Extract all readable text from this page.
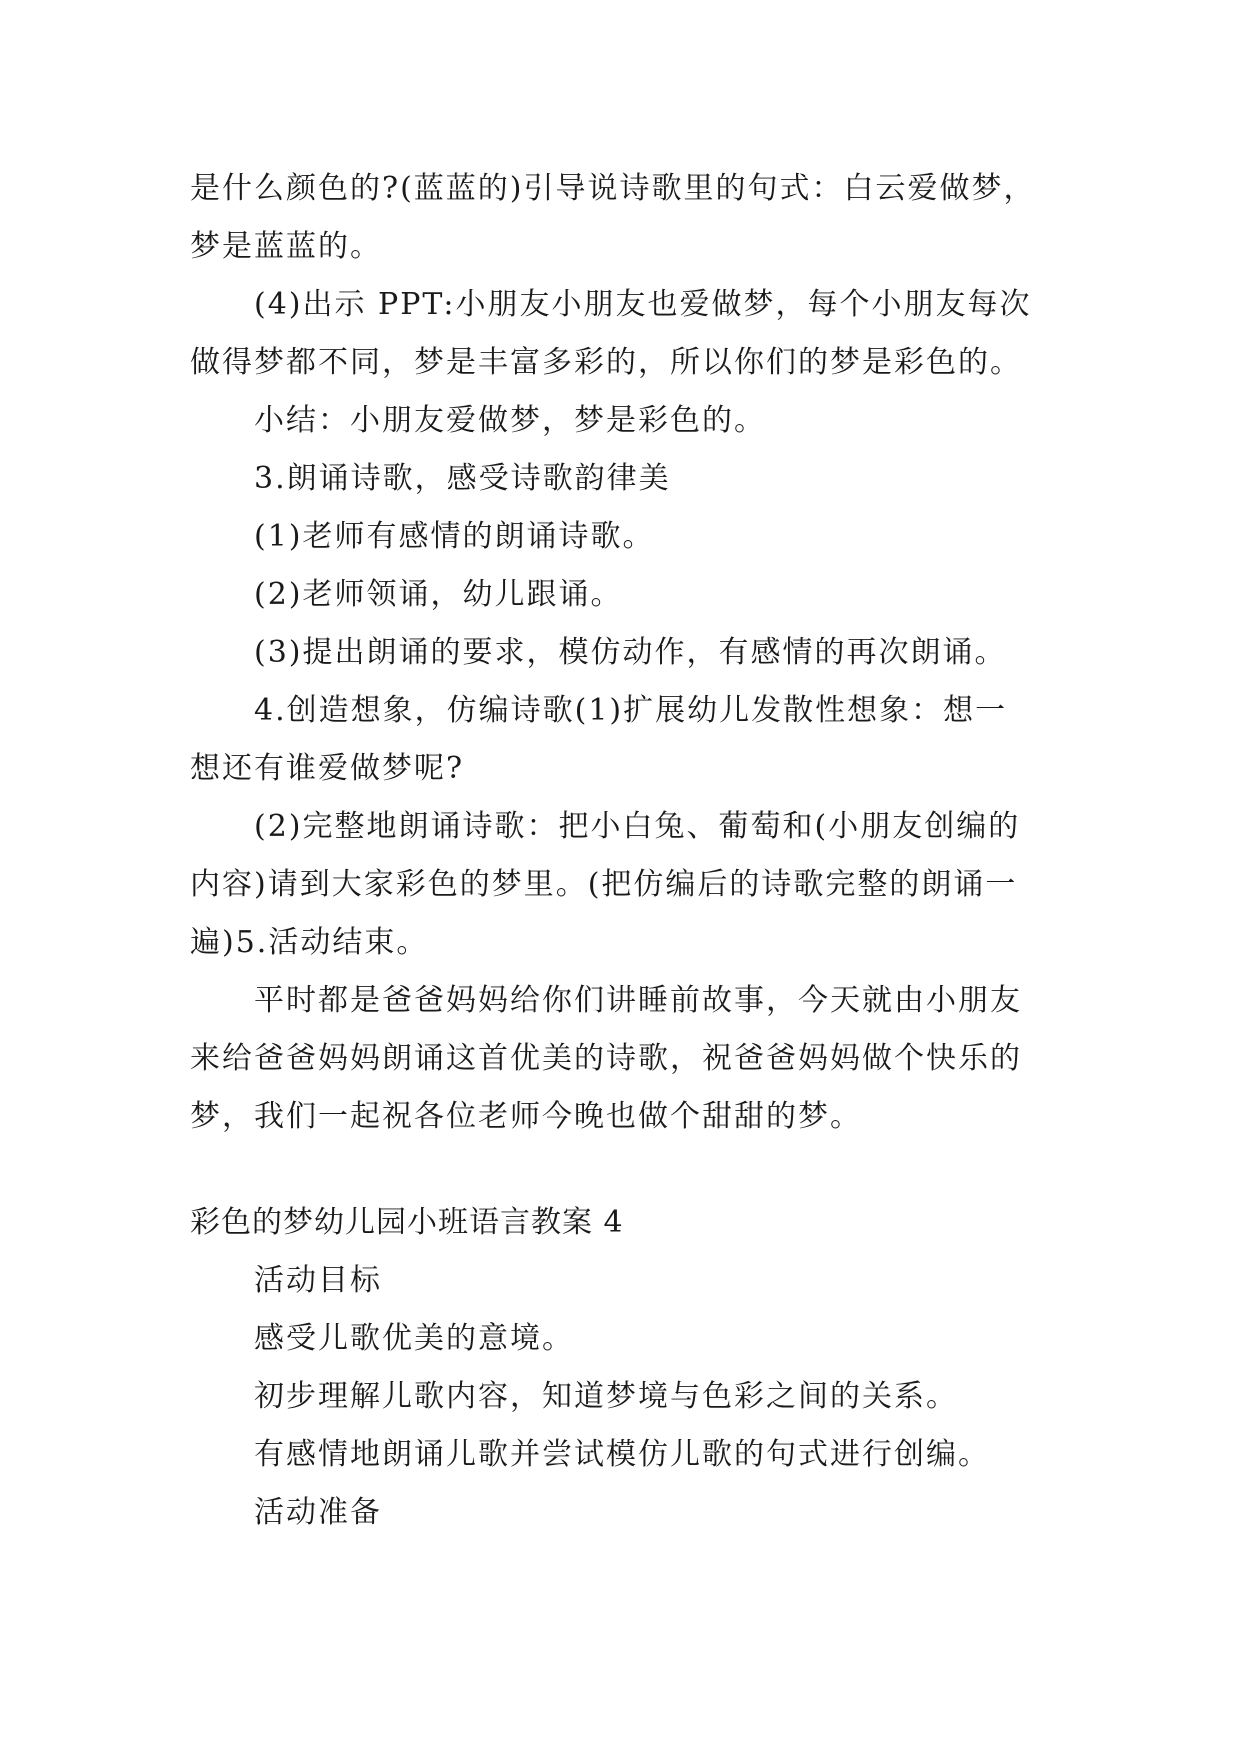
是什么颜色的?(蓝蓝的)引导说诗歌里的句式：白云爱做梦，
梦是蓝蓝的。
(4)出示 PPT:小朋友小朋友也爱做梦，每个小朋友每次
做得梦都不同，梦是丰富多彩的，所以你们的梦是彩色的。
小结：小朋友爱做梦，梦是彩色的。
3.朗诵诗歌，感受诗歌韵律美
(1)老师有感情的朗诵诗歌。
(2)老师领诵，幼儿跟诵。
(3)提出朗诵的要求，模仿动作，有感情的再次朗诵。
4.创造想象，仿编诗歌(1)扩展幼儿发散性想象：想一
想还有谁爱做梦呢?
(2)完整地朗诵诗歌：把小白兔、葡萄和(小朋友创编的
内容)请到大家彩色的梦里。(把仿编后的诗歌完整的朗诵一
遍)5.活动结束。
平时都是爸爸妈妈给你们讲睡前故事，今天就由小朋友
来给爸爸妈妈朗诵这首优美的诗歌，祝爸爸妈妈做个快乐的
梦，我们一起祝各位老师今晚也做个甜甜的梦。
彩色的梦幼儿园小班语言教案 4
活动目标
感受儿歌优美的意境。
初步理解儿歌内容，知道梦境与色彩之间的关系。
有感情地朗诵儿歌并尝试模仿儿歌的句式进行创编。
活动准备
